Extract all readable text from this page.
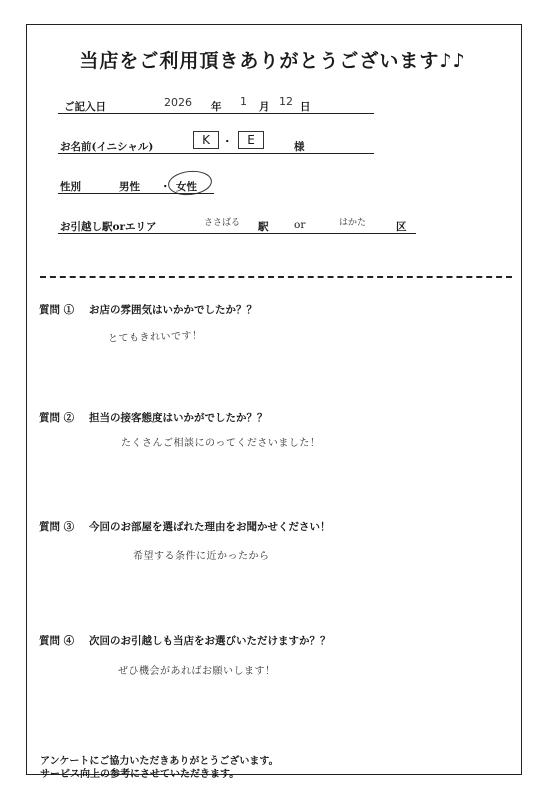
当店をご利用頂きありがとうございます♪♪
ご記入日	2026 年 1 月 12 日
お名前(イニシャル)	K	・	E	様
性別	男性 ・ 女性
お引越し駅orエリア	ささばる 駅 or	はかた	区
質問 ① お店の雰囲気はいかかでしたか？？
とてもきれいです！
質問 ② 担当の接客態度はいかがでしたか？？
たくさんご相談にのってくださいました！
質問 ③ 今回のお部屋を選ばれた理由をお聞かせください！
希望する条件に近かったから
質問 ④ 次回のお引越しも当店をお選びいただけますか？？
ぜひ機会があればお願いします！
アンケートにご協力いただきありがとうございます。
サービス向上の参考にさせていただきます。
